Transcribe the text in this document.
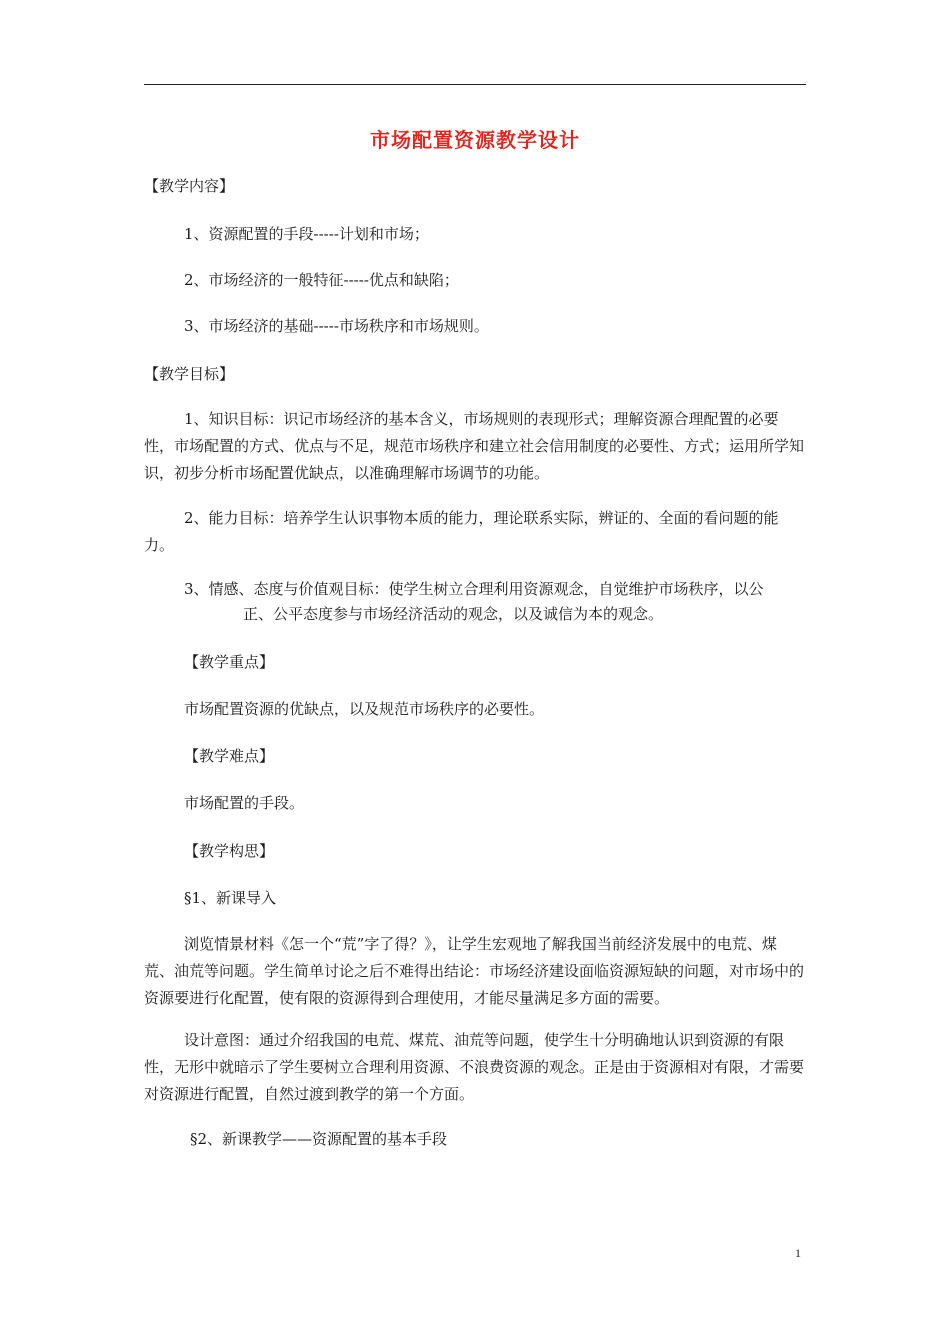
市场配置资源教学设计
【教学内容】
1、资源配置的手段-----计划和市场；
2、市场经济的一般特征-----优点和缺陷；
3、市场经济的基础-----市场秩序和市场规则。
【教学目标】
1、知识目标：识记市场经济的基本含义，市场规则的表现形式；理解资源合理配置的必要性，市场配置的方式、优点与不足，规范市场秩序和建立社会信用制度的必要性、方式；运用所学知识，初步分析市场配置优缺点，以准确理解市场调节的功能。
2、能力目标：培养学生认识事物本质的能力，理论联系实际，辨证的、全面的看问题的能力。
3、情感、态度与价值观目标：使学生树立合理利用资源观念，自觉维护市场秩序，以公
正、公平态度参与市场经济活动的观念，以及诚信为本的观念。
【教学重点】
市场配置资源的优缺点，以及规范市场秩序的必要性。
【教学难点】
市场配置的手段。
【教学构思】
§1、新课导入
浏览情景材料《怎一个“荒”字了得？》，让学生宏观地了解我国当前经济发展中的电荒、煤荒、油荒等问题。学生简单讨论之后不难得出结论：市场经济建设面临资源短缺的问题，对市场中的资源要进行化配置，使有限的资源得到合理使用，才能尽量满足多方面的需要。
设计意图：通过介绍我国的电荒、煤荒、油荒等问题，使学生十分明确地认识到资源的有限性，无形中就暗示了学生要树立合理利用资源、不浪费资源的观念。正是由于资源相对有限，才需要对资源进行配置，自然过渡到教学的第一个方面。
§2、新课教学——资源配置的基本手段
1
